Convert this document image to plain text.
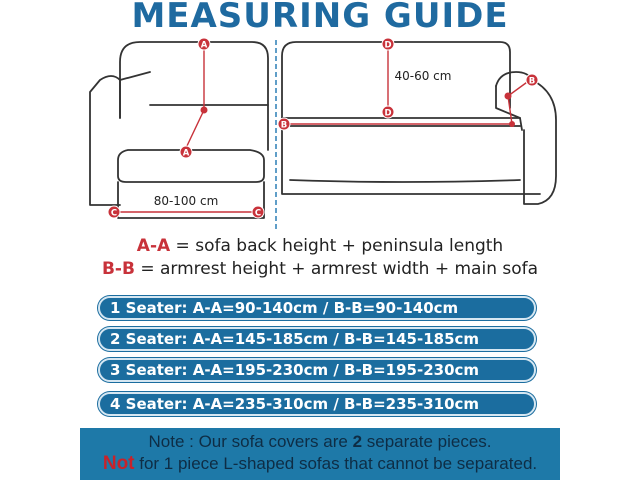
MEASURING GUIDE
A
A
C	C
D
D
B
B
80-100 cm
40-60 cm
A-A = sofa back height + peninsula length
B-B = armrest height + armrest width + main sofa
1 Seater: A-A=90-140cm / B-B=90-140cm
2 Seater: A-A=145-185cm / B-B=145-185cm
3 Seater: A-A=195-230cm / B-B=195-230cm
4 Seater: A-A=235-310cm / B-B=235-310cm
Note : Our sofa covers are 2 separate pieces.
Not for 1 piece L-shaped sofas that cannot be separated.
